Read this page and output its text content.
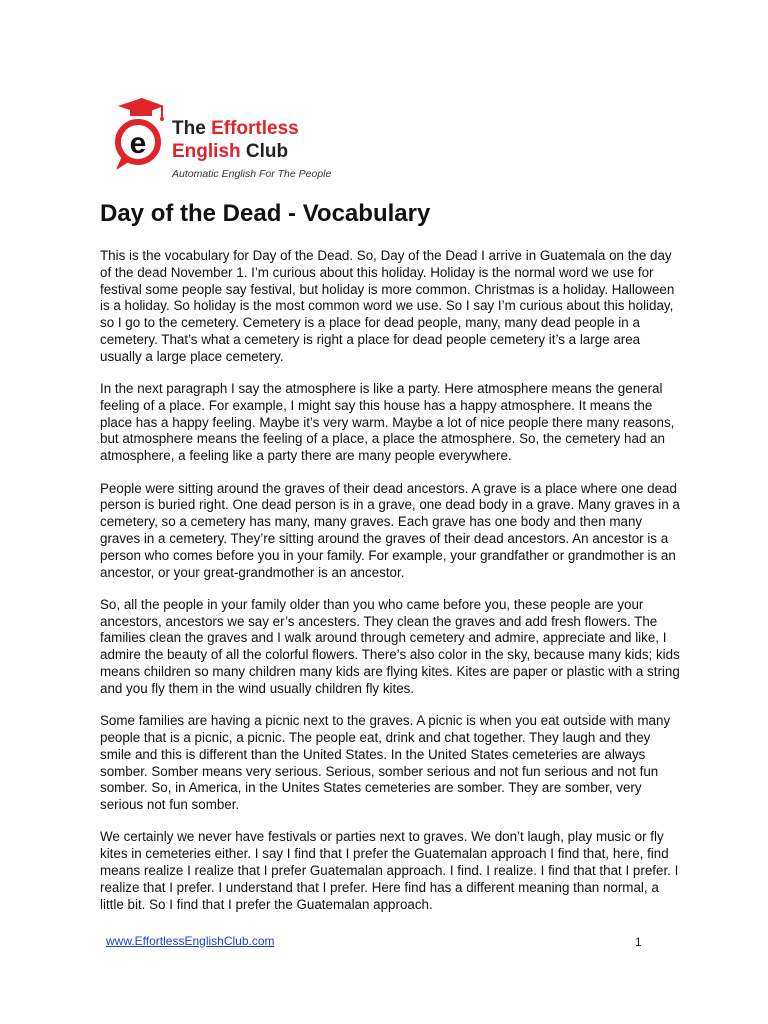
e The Effortless
English Club
Automatic English For The People
Day of the Dead - Vocabulary

This is the vocabulary for Day of the Dead. So, Day of the Dead I arrive in Guatemala on the day of the dead November 1. I’m curious about this holiday. Holiday is the normal word we use for festival some people say festival, but holiday is more common. Christmas is a holiday. Halloween is a holiday. So holiday is the most common word we use. So I say I’m curious about this holiday, so I go to the cemetery. Cemetery is a place for dead people, many, many dead people in a cemetery. That’s what a cemetery is right a place for dead people cemetery it’s a large area usually a large place cemetery.

In the next paragraph I say the atmosphere is like a party. Here atmosphere means the general feeling of a place. For example, I might say this house has a happy atmosphere. It means the place has a happy feeling. Maybe it’s very warm. Maybe a lot of nice people there many reasons, but atmosphere means the feeling of a place, a place the atmosphere. So, the cemetery had an atmosphere, a feeling like a party there are many people everywhere.

People were sitting around the graves of their dead ancestors. A grave is a place where one dead person is buried right. One dead person is in a grave, one dead body in a grave. Many graves in a cemetery, so a cemetery has many, many graves. Each grave has one body and then many graves in a cemetery. They’re sitting around the graves of their dead ancestors. An ancestor is a person who comes before you in your family. For example, your grandfather or grandmother is an ancestor, or your great-grandmother is an ancestor.

So, all the people in your family older than you who came before you, these people are your ancestors, ancestors we say er’s ancesters. They clean the graves and add fresh flowers. The families clean the graves and I walk around through cemetery and admire, appreciate and like, I admire the beauty of all the colorful flowers. There’s also color in the sky, because many kids; kids means children so many children many kids are flying kites. Kites are paper or plastic with a string and you fly them in the wind usually children fly kites.

Some families are having a picnic next to the graves. A picnic is when you eat outside with many people that is a picnic, a picnic. The people eat, drink and chat together. They laugh and they smile and this is different than the United States. In the United States cemeteries are always somber. Somber means very serious. Serious, somber serious and not fun serious and not fun somber. So, in America, in the Unites States cemeteries are somber. They are somber, very serious not fun somber.

We certainly we never have festivals or parties next to graves. We don’t laugh, play music or fly kites in cemeteries either. I say I find that I prefer the Guatemalan approach I find that, here, find means realize I realize that I prefer Guatemalan approach. I find. I realize. I find that that I prefer. I realize that I prefer. I understand that I prefer. Here find has a different meaning than normal, a little bit. So I find that I prefer the Guatemalan approach.

www.EffortlessEnglishClub.com	1
